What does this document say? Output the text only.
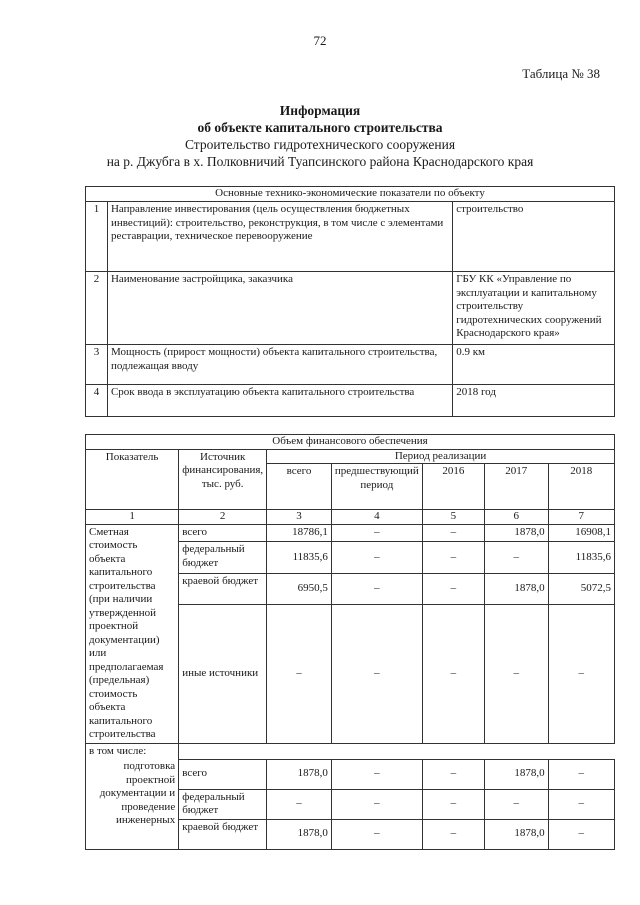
72
Таблица № 38
Информация
об объекте капитального строительства
Строительство гидротехнического сооружения
на р. Джубга в х. Полковничий Туапсинского района Краснодарского края
Основные технико-экономические показатели по объекту		
1	Направление инвестирования (цель осуществления бюджетных инвестиций): строительство, реконструкция, в том числе с элементами реставрации, техническое перевооружение	строительство
2	Наименование застройщика, заказчика	ГБУ КК «Управление по эксплуатации и капитальному строительству гидротехнических сооружений Краснодарского края»
3	Мощность (прирост мощности) объекта капитального строительства, подлежащая вводу	0.9 км
4	Срок ввода в эксплуатацию объекта капитального строительства	2018 год
Объем финансового обеспечения						
Показатель	Источник финансирования, тыс. руб.	Период реализации				
		всего	предшествующий период	2016	2017	2018
1	2	3	4	5	6	7
Сметная стоимость объекта капитального строительства (при наличии утвержденной проектной документации) или предполагаемая (предельная) стоимость объекта капитального строительства	всего	18786,1	–	–	1878,0	16908,1
	федеральный бюджет	11835,6	–	–	–	11835,6
	краевой бюджет	6950,5	–	–	1878,0	5072,5
	иные источники	–	–	–	–	–
в том числе:						
подготовка проектной документации и проведение инженерных	всего	1878,0	–	–	1878,0	–
	федеральный бюджет	–	–	–	–	–
	краевой бюджет	1878,0	–	–	1878,0	–
